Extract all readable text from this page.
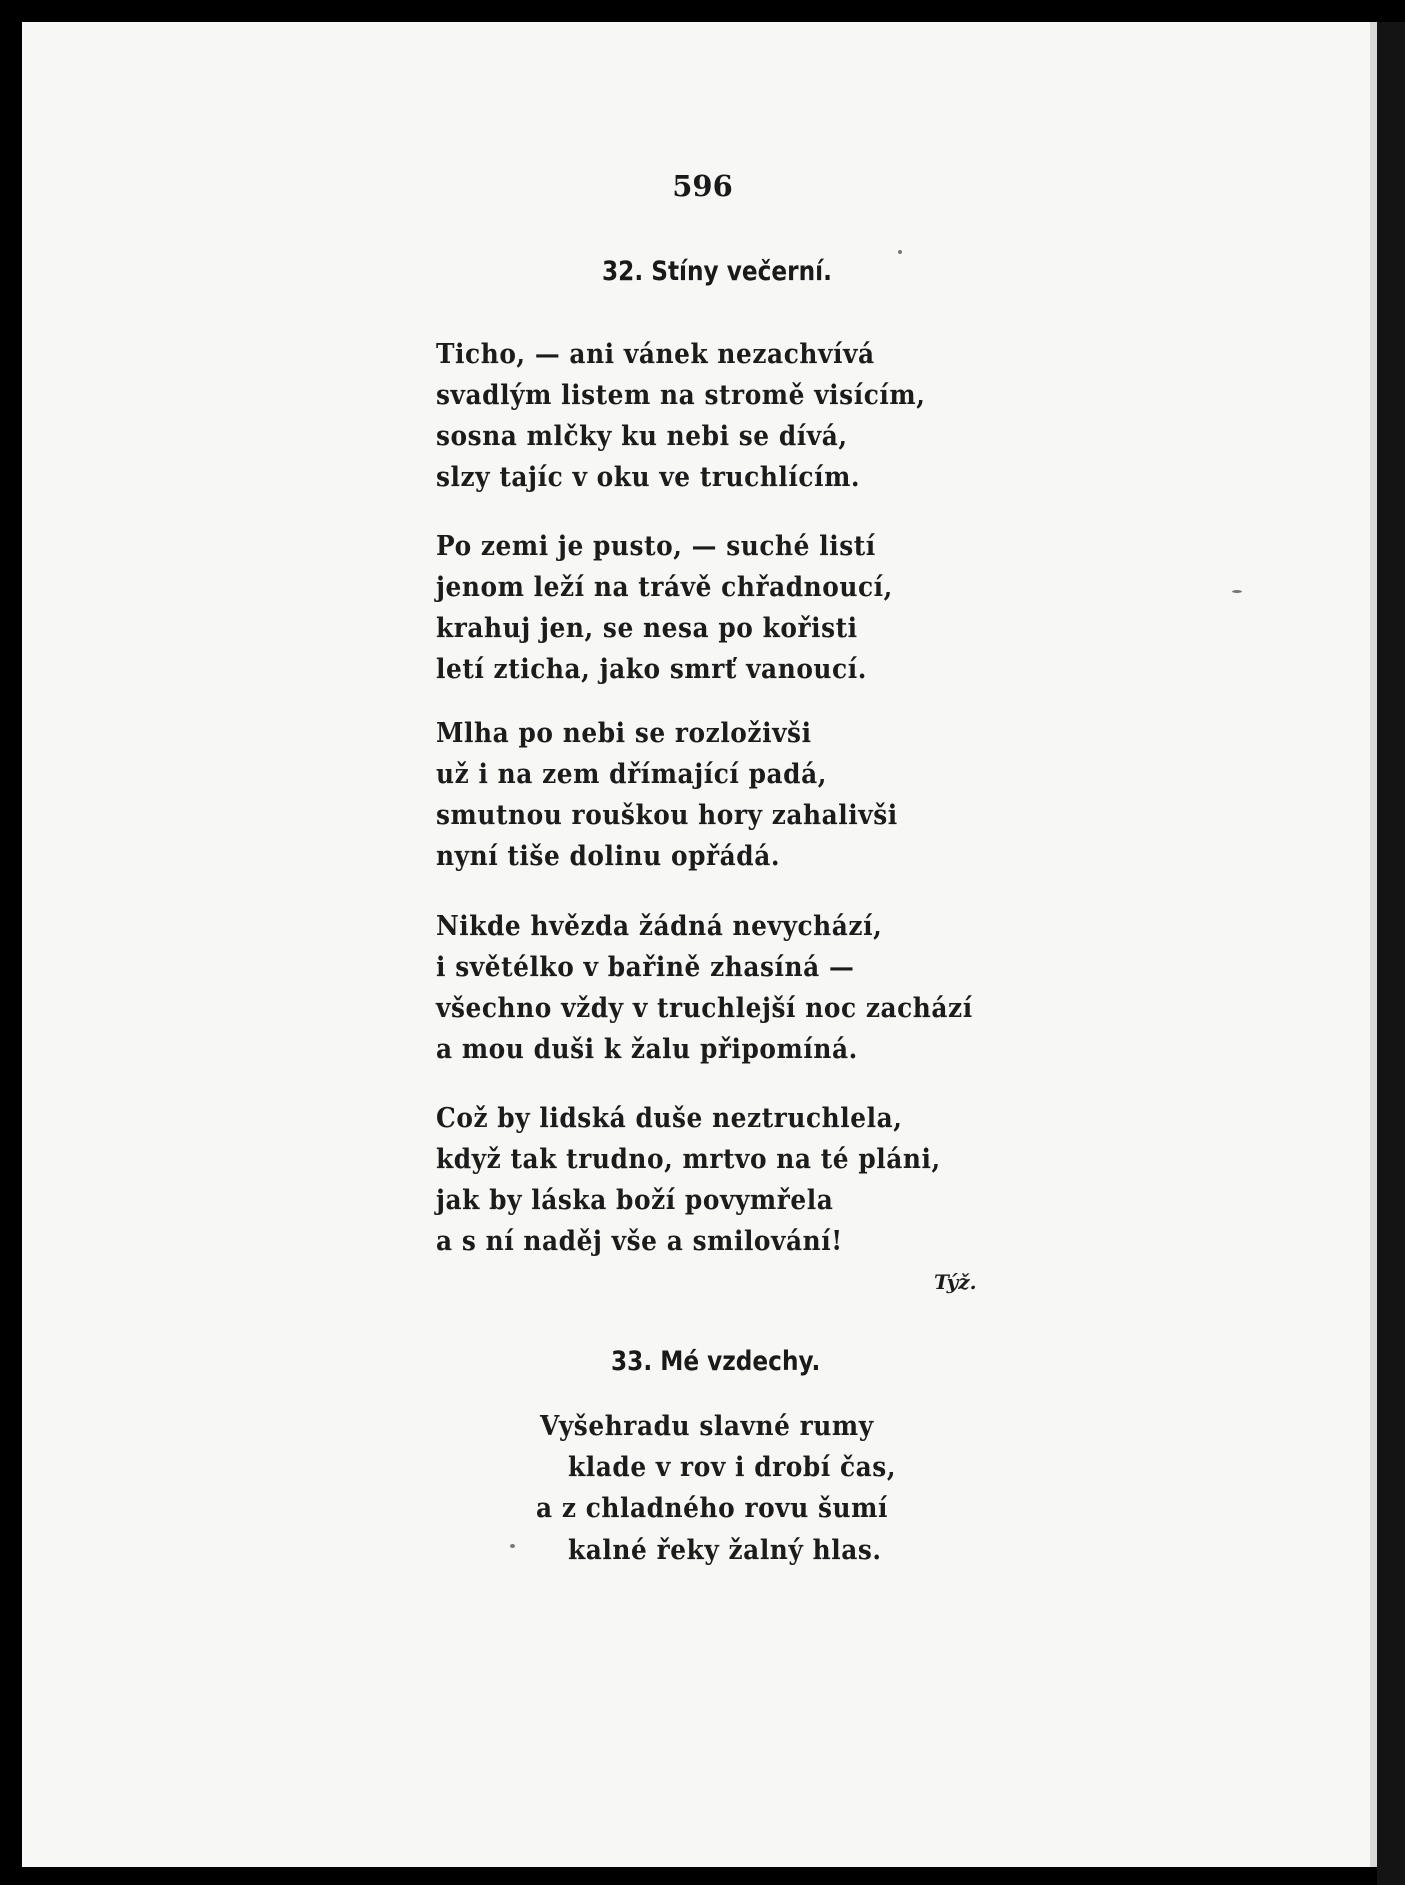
596
32. Stíny večerní.
Ticho, — ani vánek nezachvívá
svadlým listem na stromě visícím,
sosna mlčky ku nebi se dívá,
slzy tajíc v oku ve truchlícím.
Po zemi je pusto, — suché listí
jenom leží na trávě chřadnoucí,
krahuj jen, se nesa po kořisti
letí zticha, jako smrť vanoucí.
Mlha po nebi se rozloživši
už i na zem dřímající padá,
smutnou rouškou hory zahalivši
nyní tiše dolinu opřádá.
Nikde hvězda žádná nevychází,
i světélko v bařině zhasíná —
všechno vždy v truchlejší noc zachází
a mou duši k žalu připomíná.
Což by lidská duše neztruchlela,
když tak trudno, mrtvo na té pláni,
jak by láska boží povymřela
a s ní naděj vše a smilování!
Týž.
33. Mé vzdechy.
Vyšehradu slavné rumy
klade v rov i drobí čas,
a z chladného rovu šumí
kalné řeky žalný hlas.
